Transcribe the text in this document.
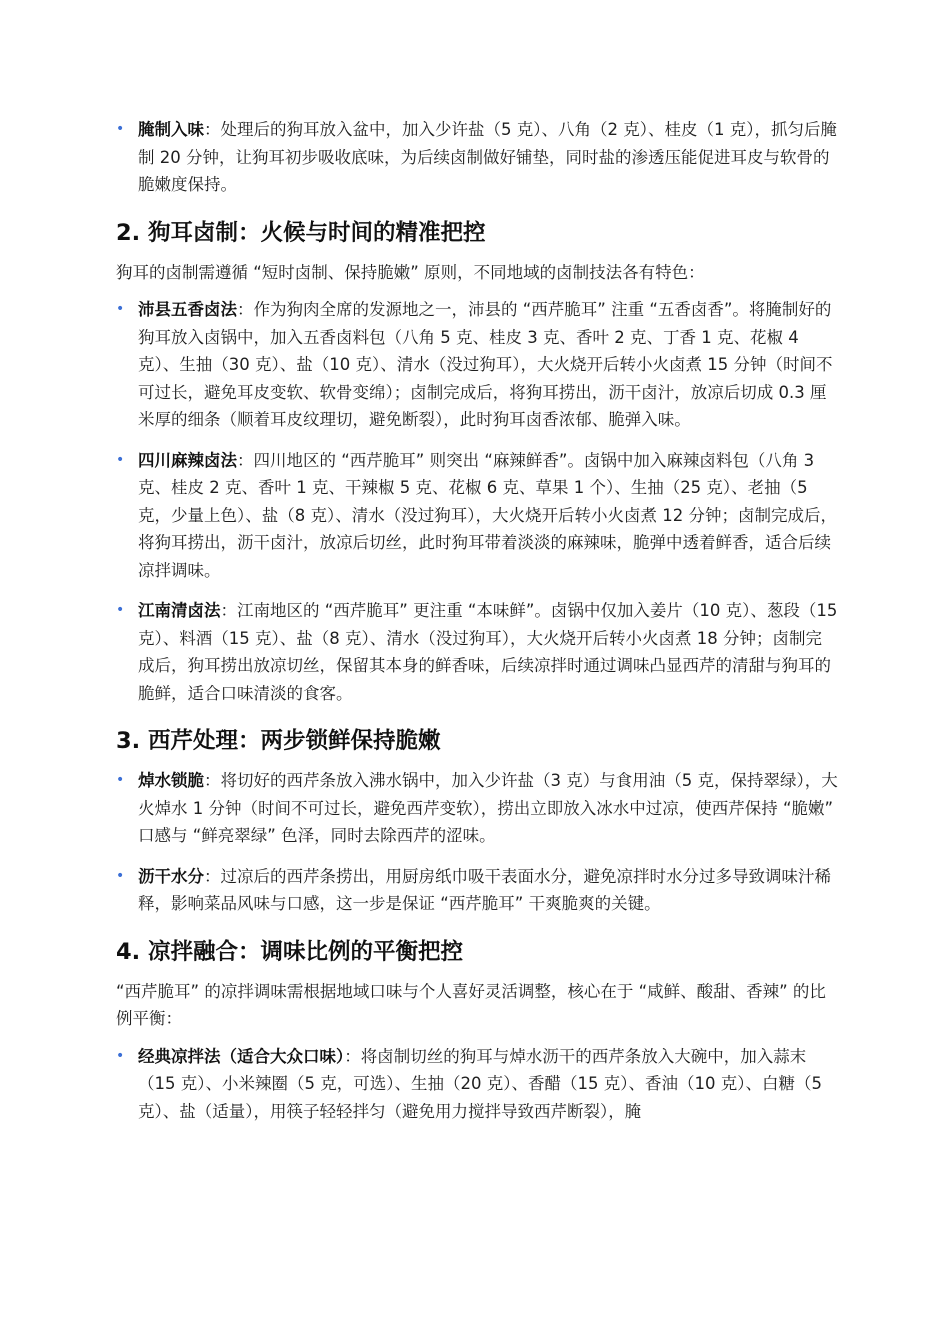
• 腌制入味：处理后的狗耳放入盆中，加入少许盐（5 克）、八角（2 克）、桂皮（1 克），抓匀后腌制 20 分钟，让狗耳初步吸收底味，为后续卤制做好铺垫，同时盐的渗透压能促进耳皮与软骨的脆嫩度保持。
2. 狗耳卤制：火候与时间的精准把控

狗耳的卤制需遵循 “短时卤制、保持脆嫩” 原则，不同地域的卤制技法各有特色：

• 沛县五香卤法：作为狗肉全席的发源地之一，沛县的 “西芹脆耳” 注重 “五香卤香”。将腌制好的狗耳放入卤锅中，加入五香卤料包（八角 5 克、桂皮 3 克、香叶 2 克、丁香 1 克、花椒 4 克）、生抽（30 克）、盐（10 克）、清水（没过狗耳），大火烧开后转小火卤煮 15 分钟（时间不可过长，避免耳皮变软、软骨变绵）；卤制完成后，将狗耳捞出，沥干卤汁，放凉后切成 0.3 厘米厚的细条（顺着耳皮纹理切，避免断裂），此时狗耳卤香浓郁、脆弹入味。
• 四川麻辣卤法：四川地区的 “西芹脆耳” 则突出 “麻辣鲜香”。卤锅中加入麻辣卤料包（八角 3 克、桂皮 2 克、香叶 1 克、干辣椒 5 克、花椒 6 克、草果 1 个）、生抽（25 克）、老抽（5 克，少量上色）、盐（8 克）、清水（没过狗耳），大火烧开后转小火卤煮 12 分钟；卤制完成后，将狗耳捞出，沥干卤汁，放凉后切丝，此时狗耳带着淡淡的麻辣味，脆弹中透着鲜香，适合后续凉拌调味。
• 江南清卤法：江南地区的 “西芹脆耳” 更注重 “本味鲜”。卤锅中仅加入姜片（10 克）、葱段（15 克）、料酒（15 克）、盐（8 克）、清水（没过狗耳），大火烧开后转小火卤煮 18 分钟；卤制完成后，狗耳捞出放凉切丝，保留其本身的鲜香味，后续凉拌时通过调味凸显西芹的清甜与狗耳的脆鲜，适合口味清淡的食客。
3. 西芹处理：两步锁鲜保持脆嫩
• 焯水锁脆：将切好的西芹条放入沸水锅中，加入少许盐（3 克）与食用油（5 克，保持翠绿），大火焯水 1 分钟（时间不可过长，避免西芹变软），捞出立即放入冰水中过凉，使西芹保持 “脆嫩” 口感与 “鲜亮翠绿” 色泽，同时去除西芹的涩味。
• 沥干水分：过凉后的西芹条捞出，用厨房纸巾吸干表面水分，避免凉拌时水分过多导致调味汁稀释，影响菜品风味与口感，这一步是保证 “西芹脆耳” 干爽脆爽的关键。
4. 凉拌融合：调味比例的平衡把控

“西芹脆耳” 的凉拌调味需根据地域口味与个人喜好灵活调整，核心在于 “咸鲜、酸甜、香辣” 的比例平衡：

• 经典凉拌法（适合大众口味）：将卤制切丝的狗耳与焯水沥干的西芹条放入大碗中，加入蒜末（15 克）、小米辣圈（5 克，可选）、生抽（20 克）、香醋（15 克）、香油（10 克）、白糖（5 克）、盐（适量），用筷子轻轻拌匀（避免用力搅拌导致西芹断裂），腌
